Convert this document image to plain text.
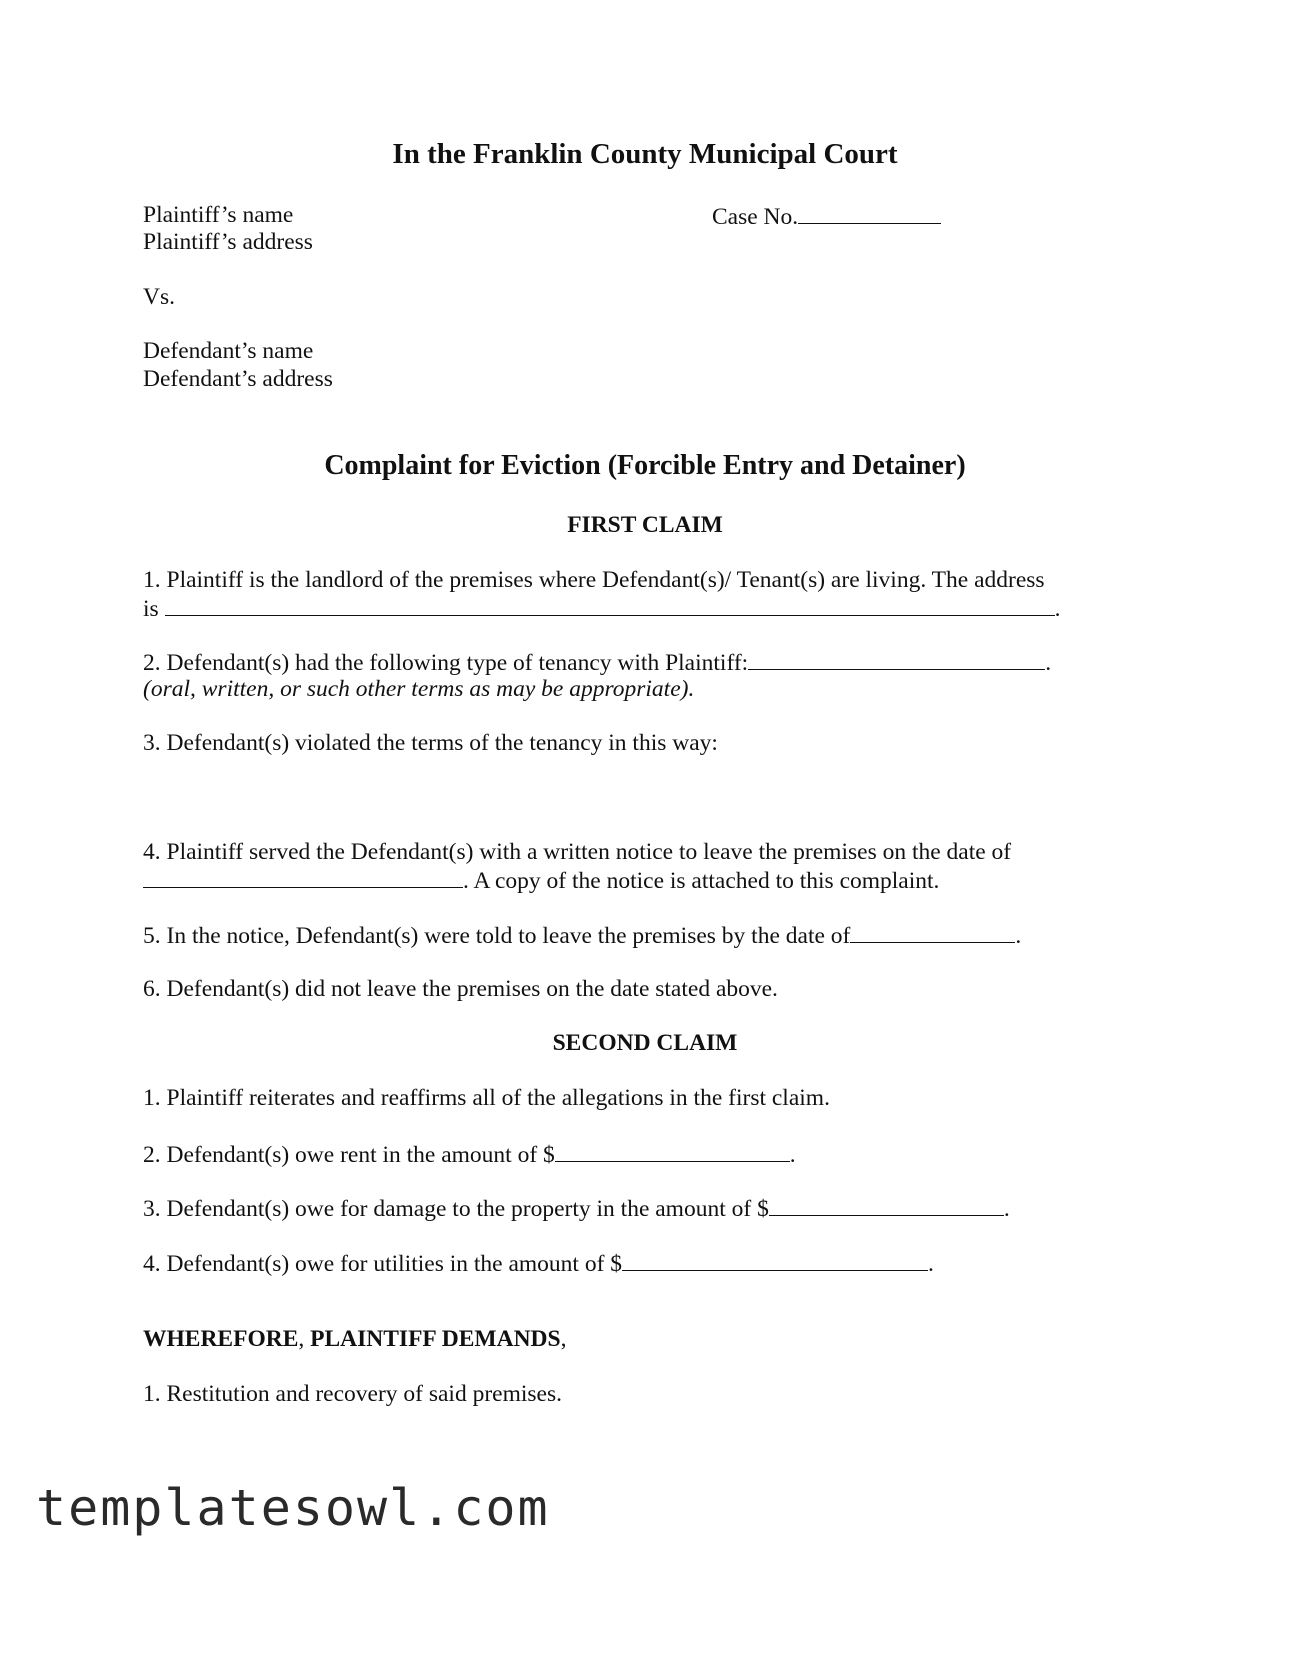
In the Franklin County Municipal Court
Plaintiff’s name
Plaintiff’s address
Case No.
Vs.
Defendant’s name
Defendant’s address
Complaint for Eviction (Forcible Entry and Detainer)
FIRST CLAIM
1. Plaintiff is the landlord of the premises where Defendant(s)/ Tenant(s) are living. The address
is	.
2. Defendant(s) had the following type of tenancy with Plaintiff:	.
(oral, written, or such other terms as may be appropriate).
3. Defendant(s) violated the terms of the tenancy in this way:
4. Plaintiff served the Defendant(s) with a written notice to leave the premises on the date of
. A copy of the notice is attached to this complaint.
5. In the notice, Defendant(s) were told to leave the premises by the date of	.
6. Defendant(s) did not leave the premises on the date stated above.
SECOND CLAIM
1. Plaintiff reiterates and reaffirms all of the allegations in the first claim.
2. Defendant(s) owe rent in the amount of $	.
3. Defendant(s) owe for damage to the property in the amount of $	.
4. Defendant(s) owe for utilities in the amount of $	.
WHEREFORE, PLAINTIFF DEMANDS,
1. Restitution and recovery of said premises.
templatesowl.com
